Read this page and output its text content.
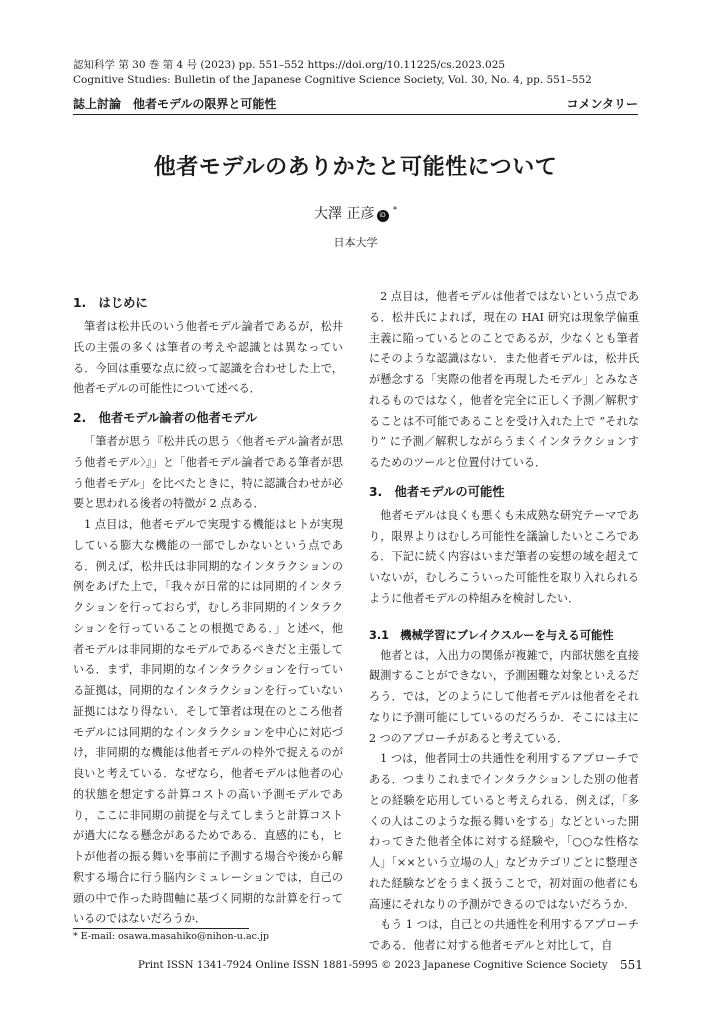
認知科学 第 30 巻 第 4 号 (2023) pp. 551–552 https://doi.org/10.11225/cs.2023.025
Cognitive Studies: Bulletin of the Japanese Cognitive Science Society, Vol. 30, No. 4, pp. 551–552
誌上討論　他者モデルの限界と可能性	コメンタリー
他者モデルのありかたと可能性について
大澤 正彦 iD *
日本大学
1.　はじめに

筆者は松井氏のいう他者モデル論者であるが，松井氏の主張の多くは筆者の考えや認識とは異なっている．今回は重要な点に絞って認識を合わせした上で，他者モデルの可能性について述べる．

2.　他者モデル論者の他者モデル

「筆者が思う『松井氏の思う〈他者モデル論者が思う他者モデル〉』」と「他者モデル論者である筆者が思う他者モデル」を比べたときに，特に認識合わせが必要と思われる後者の特徴が 2 点ある．

1 点目は，他者モデルで実現する機能はヒトが実現している膨大な機能の一部でしかないという点である．例えば，松井氏は非同期的なインタラクションの例をあげた上で，「我々が日常的には同期的インタラクションを行っておらず，むしろ非同期的インタラクションを行っていることの根拠である．」と述べ，他者モデルは非同期的なモデルであるべきだと主張している．まず，非同期的なインタラクションを行っている証拠は，同期的なインタラクションを行っていない証拠にはなり得ない．そして筆者は現在のところ他者モデルには同期的なインタラクションを中心に対応づけ，非同期的な機能は他者モデルの枠外で捉えるのが良いと考えている．なぜなら，他者モデルは他者の心的状態を想定する計算コストの高い予測モデルであり，ここに非同期の前提を与えてしまうと計算コストが過大になる懸念があるためである．直感的にも，ヒトが他者の振る舞いを事前に予測する場合や後から解釈する場合に行う脳内シミュレーションでは，自己の頭の中で作った時間軸に基づく同期的な計算を行っているのではないだろうか．

2 点目は，他者モデルは他者ではないという点である．松井氏によれば，現在の HAI 研究は現象学偏重主義に陥っているとのことであるが，少なくとも筆者にそのような認識はない．また他者モデルは，松井氏が懸念する「実際の他者を再現したモデル」とみなされるものではなく，他者を完全に正しく予測／解釈することは不可能であることを受け入れた上で “それなり” に予測／解釈しながらうまくインタラクションするためのツールと位置付けている．

3.　他者モデルの可能性

他者モデルは良くも悪くも未成熟な研究テーマであり，限界よりはむしろ可能性を議論したいところである．下記に続く内容はいまだ筆者の妄想の域を超えていないが，むしろこういった可能性を取り入れられるように他者モデルの枠組みを検討したい．

3.1　機械学習にブレイクスルーを与える可能性

他者とは，入出力の関係が複雑で，内部状態を直接観測することができない，予測困難な対象といえるだろう．では，どのようにして他者モデルは他者をそれなりに予測可能にしているのだろうか．そこには主に 2 つのアプローチがあると考えている．

1 つは，他者同士の共通性を利用するアプローチである．つまりこれまでインタラクションした別の他者との経験を応用していると考えられる．例えば，「多くの人はこのような振る舞いをする」などといった開わってきた他者全体に対する経験や，「○○な性格な人」「××という立場の人」などカテゴリごとに整理された経験などをうまく扱うことで，初対面の他者にも高速にそれなりの予測ができるのではないだろうか．

もう 1 つは，自己との共通性を利用するアプローチである．他者に対する他者モデルと対比して，自

* E-mail: osawa.masahiko@nihon-u.ac.jp
Print ISSN 1341-7924 Online ISSN 1881-5995 © 2023 Japanese Cognitive Science Society 551
